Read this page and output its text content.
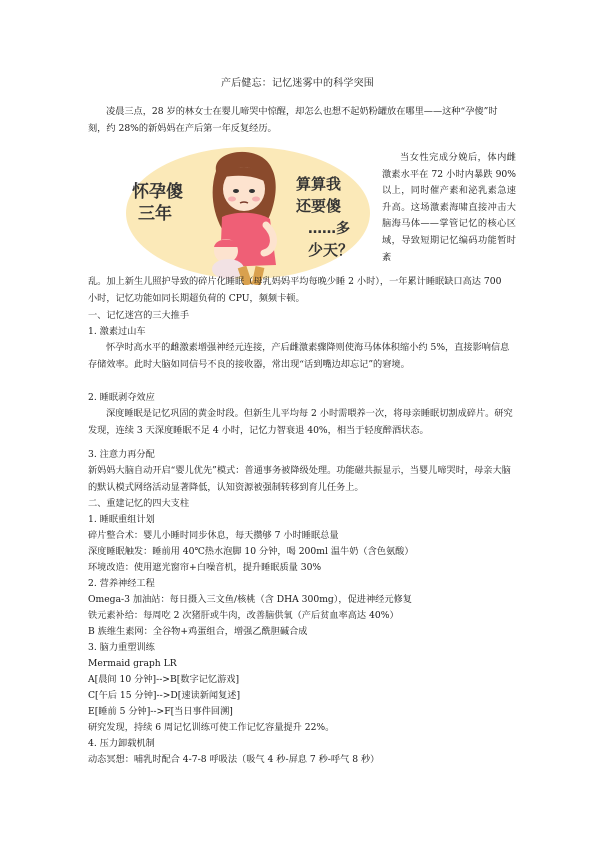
产后健忘：记忆迷雾中的科学突围

凌晨三点，28 岁的林女士在婴儿啼哭中惊醒，却怎么也想不起奶粉罐放在哪里——这种“孕傻”时刻，约 28%的新妈妈在产后第一年反复经历。

怀孕傻
三年
算算我
还要傻
……多
少天？

当女性完成分娩后，体内雌激素水平在 72 小时内暴跌 90%以上，同时催产素和泌乳素急速升高。这场激素海啸直接冲击大脑海马体——掌管记忆的核心区域，导致短期记忆编码功能暂时紊

乱。加上新生儿照护导致的碎片化睡眠（母乳妈妈平均每晚少睡 2 小时），一年累计睡眠缺口高达 700 小时，记忆功能如同长期超负荷的 CPU，频频卡顿。

一、记忆迷宫的三大推手

1. 激素过山车

怀孕时高水平的雌激素增强神经元连接，产后雌激素骤降则使海马体体积缩小约 5%，直接影响信息存储效率。此时大脑如同信号不良的接收器，常出现“话到嘴边却忘记”的窘境。

2. 睡眠剥夺效应

深度睡眠是记忆巩固的黄金时段。但新生儿平均每 2 小时需喂养一次，将母亲睡眠切割成碎片。研究发现，连续 3 天深度睡眠不足 4 小时，记忆力智衰退 40%，相当于轻度醉酒状态。

3. 注意力再分配

新妈妈大脑自动开启“婴儿优先”模式：普通事务被降级处理。功能磁共振显示，当婴儿啼哭时，母亲大脑的默认模式网络活动显著降低，认知资源被强制转移到育儿任务上。

二、重建记忆的四大支柱

1. 睡眠重组计划

碎片整合术：婴儿小睡时同步休息，每天攒够 7 小时睡眠总量

深度睡眠触发：睡前用 40℃热水泡脚 10 分钟，喝 200ml 温牛奶（含色氨酸）

环境改造：使用遮光窗帘+白噪音机，提升睡眠质量 30%

2. 营养神经工程

Omega-3 加油站：每日摄入三文鱼/核桃（含 DHA 300mg），促进神经元修复

铁元素补给：每周吃 2 次猪肝或牛肉，改善脑供氧（产后贫血率高达 40%）

B 族维生素网：全谷物+鸡蛋组合，增强乙酰胆碱合成

3. 脑力重塑训练

Mermaid graph LR

A[晨间 10 分钟]-->B[数字记忆游戏]

C[午后 15 分钟]-->D[速读新闻复述]

E[睡前 5 分钟]-->F[当日事件回溯]

研究发现，持续 6 周记忆训练可使工作记忆容量提升 22%。

4. 压力卸载机制

动态冥想：哺乳时配合 4-7-8 呼吸法（吸气 4 秒-屏息 7 秒-呼气 8 秒）
